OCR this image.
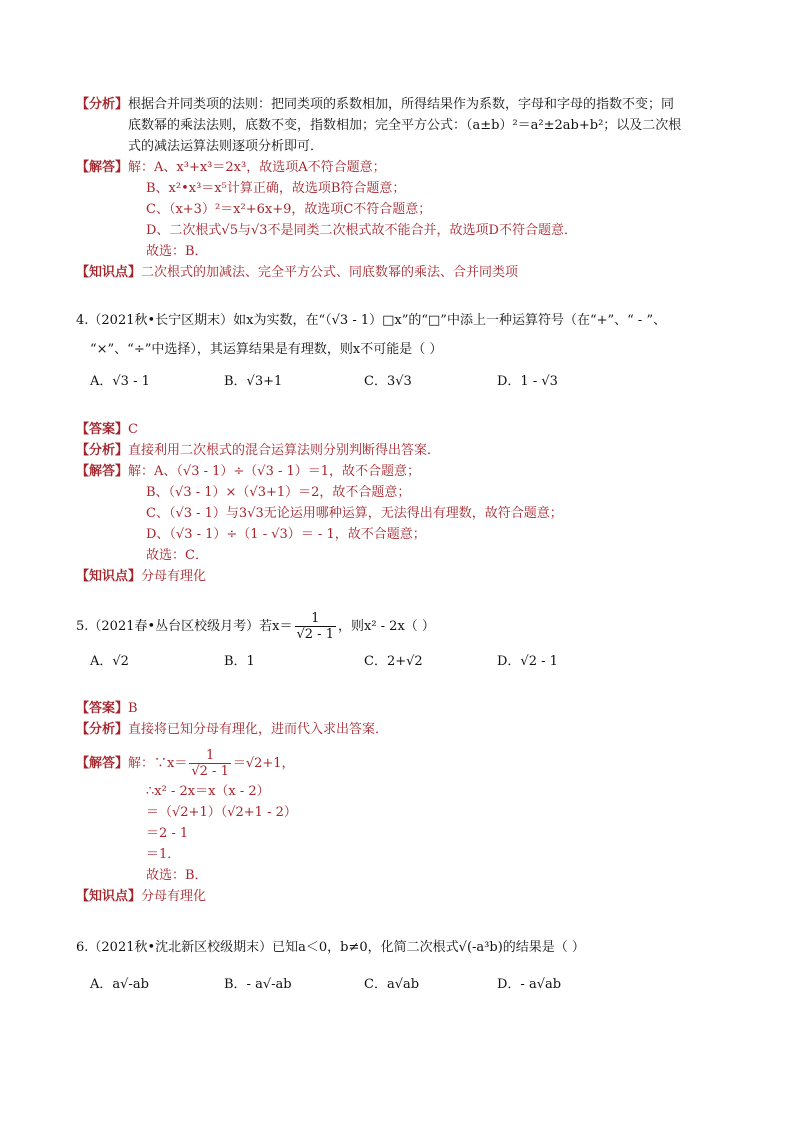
【分析】根据合并同类项的法则：把同类项的系数相加，所得结果作为系数，字母和字母的指数不变；同
底数幂的乘法法则，底数不变，指数相加；完全平方公式：（a±b）²＝a²±2ab+b²；以及二次根
式的减法运算法则逐项分析即可．
【解答】解：A、x³+x³＝2x³，故选项A不符合题意；
B、x²•x³＝x⁵计算正确，故选项B符合题意；
C、（x+3）²＝x²+6x+9，故选项C不符合题意；
D、二次根式√5与√3不是同类二次根式故不能合并，故选项D不符合题意．
故选：B．
【知识点】二次根式的加减法、完全平方公式、同底数幂的乘法、合并同类项
4.（2021秋•长宁区期末）如x为实数，在“（√3 - 1）□x”的“□”中添上一种运算符号（在“+”、“ - ”、
“×”、“÷”中选择），其运算结果是有理数，则x不可能是（ ）
A．√3 - 1	B．√3+1	C．3√3	D．1 - √3
【答案】C
【分析】直接利用二次根式的混合运算法则分别判断得出答案．
【解答】解：A、（√3 - 1）÷（√3 - 1）＝1，故不合题意；
B、（√3 - 1）×（√3+1）＝2，故不合题意；
C、（√3 - 1）与3√3无论运用哪种运算，无法得出有理数，故符合题意；
D、（√3 - 1）÷（1 - √3）＝ - 1，故不合题意；
故选：C．
【知识点】分母有理化
5.（2021春•丛台区校级月考）若$x= \frac{1}{√2 - 1}$ ，则x² - 2x（ ）
A．√2	B．1	C．2+√2	D．√2 - 1
【答案】B
【分析】直接将已知分母有理化，进而代入求出答案．
【解答】解：∵x＝ $\frac{1}{√2 - 1} =√2+1$，
∴x² - 2x＝x（x - 2）
＝（√2+1）（√2+1 - 2）
＝2 - 1
＝1．
故选：B．
【知识点】分母有理化
6.（2021秋•沈北新区校级期末）已知a＜0，b≠0，化简二次根式√(-a³b)的结果是（ ）
A．a√-ab	B．- a√-ab	C．a√ab	D．- a√ab
